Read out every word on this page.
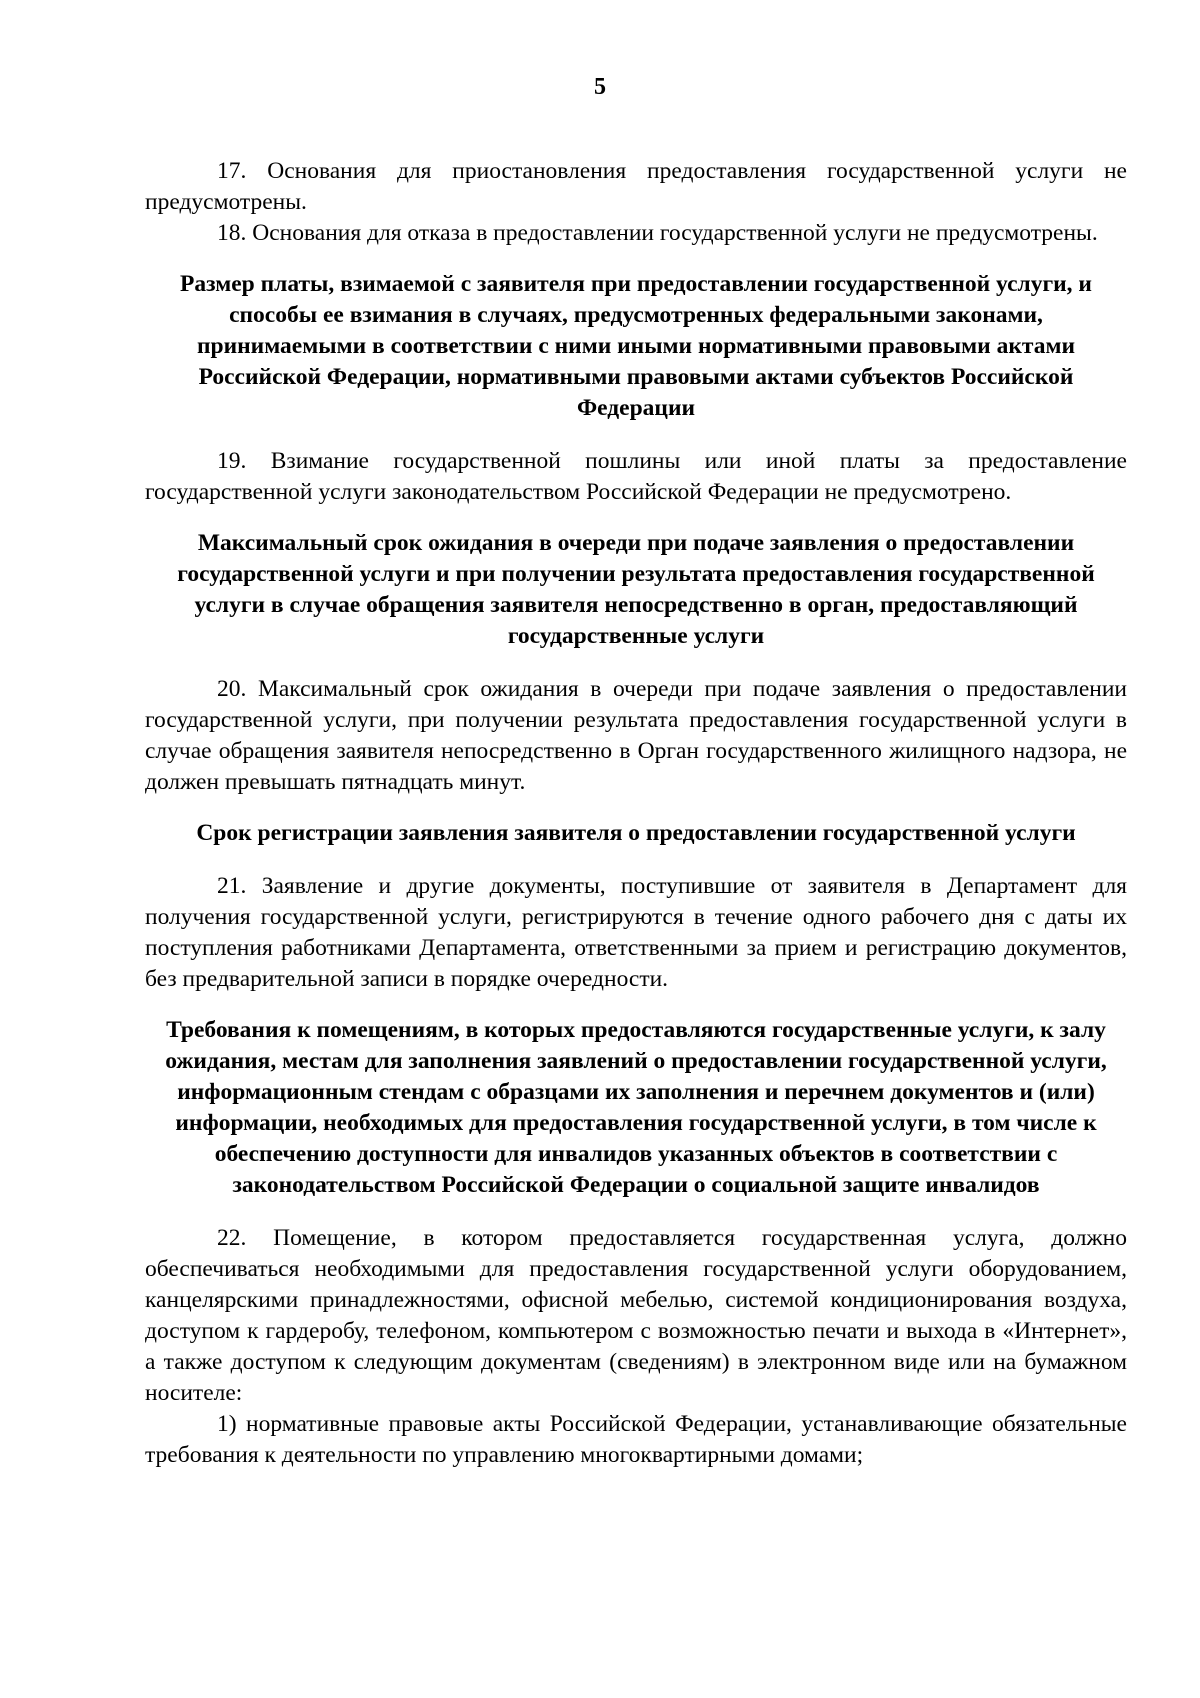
5

17. Основания для приостановления предоставления государственной услуги не предусмотрены.

18. Основания для отказа в предоставлении государственной услуги не предусмотрены.

Размер платы, взимаемой с заявителя при предоставлении государственной услуги, и способы ее взимания в случаях, предусмотренных федеральными законами, принимаемыми в соответствии с ними иными нормативными правовыми актами Российской Федерации, нормативными правовыми актами субъектов Российской Федерации

19. Взимание государственной пошлины или иной платы за предоставление государственной услуги законодательством Российской Федерации не предусмотрено.

Максимальный срок ожидания в очереди при подаче заявления о предоставлении государственной услуги и при получении результата предоставления государственной услуги в случае обращения заявителя непосредственно в орган, предоставляющий государственные услуги

20. Максимальный срок ожидания в очереди при подаче заявления о предоставлении государственной услуги, при получении результата предоставления государственной услуги в случае обращения заявителя непосредственно в Орган государственного жилищного надзора, не должен превышать пятнадцать минут.

Срок регистрации заявления заявителя о предоставлении государственной услуги

21. Заявление и другие документы, поступившие от заявителя в Департамент для получения государственной услуги, регистрируются в течение одного рабочего дня с даты их поступления работниками Департамента, ответственными за прием и регистрацию документов, без предварительной записи в порядке очередности.

Требования к помещениям, в которых предоставляются государственные услуги, к залу ожидания, местам для заполнения заявлений о предоставлении государственной услуги, информационным стендам с образцами их заполнения и перечнем документов и (или) информации, необходимых для предоставления государственной услуги, в том числе к обеспечению доступности для инвалидов указанных объектов в соответствии с законодательством Российской Федерации о социальной защите инвалидов

22. Помещение, в котором предоставляется государственная услуга, должно обеспечиваться необходимыми для предоставления государственной услуги оборудованием, канцелярскими принадлежностями, офисной мебелью, системой кондиционирования воздуха, доступом к гардеробу, телефоном, компьютером с возможностью печати и выхода в «Интернет», а также доступом к следующим документам (сведениям) в электронном виде или на бумажном носителе:

1) нормативные правовые акты Российской Федерации, устанавливающие обязательные требования к деятельности по управлению многоквартирными домами;
